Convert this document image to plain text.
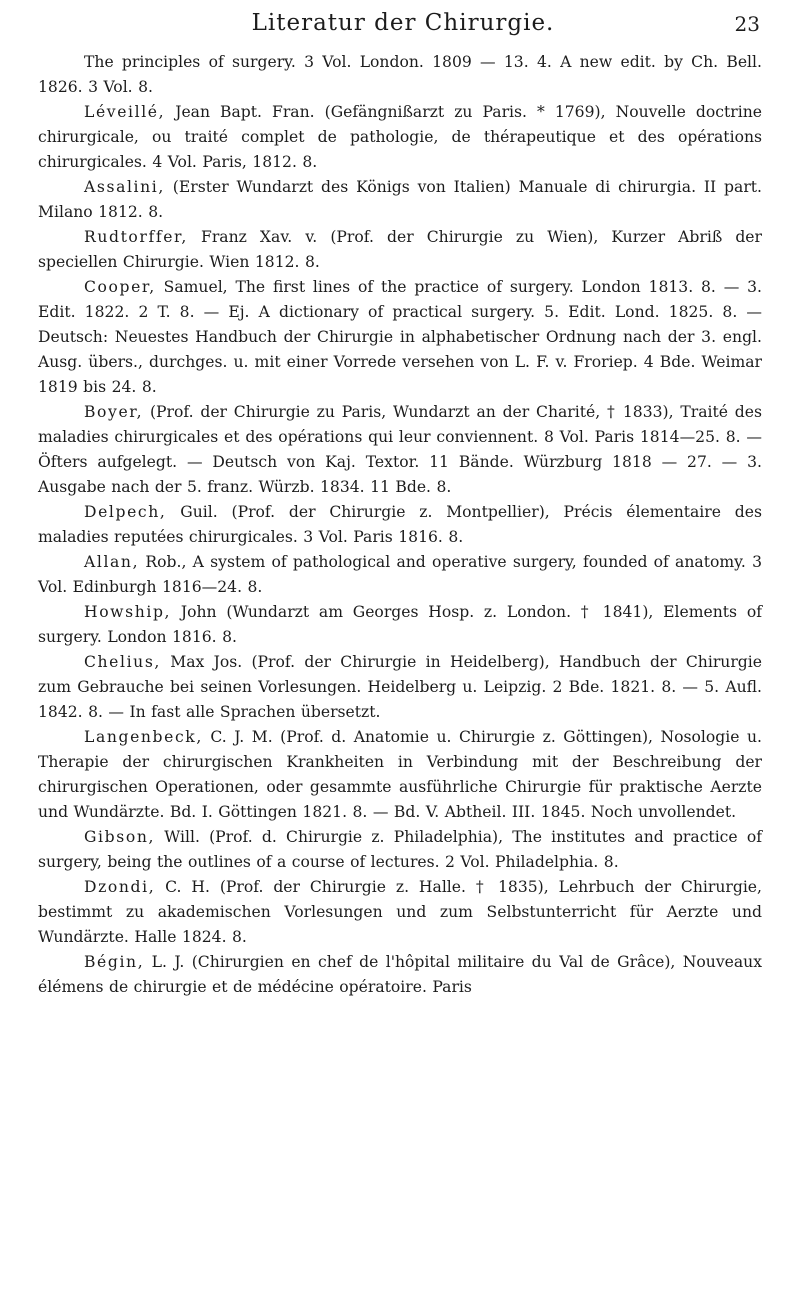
Literatur der Chirurgie.	23

The principles of surgery. 3 Vol. London. 1809 — 13. 4. A new edit. by Ch. Bell. 1826. 3 Vol. 8.

Léveillé, Jean Bapt. Fran. (Gefängnißarzt zu Paris. * 1769), Nouvelle doctrine chirurgicale, ou traité complet de pathologie, de thérapeutique et des opérations chirurgicales. 4 Vol. Paris, 1812. 8.

Assalini, (Erster Wundarzt des Königs von Italien) Manuale di chirurgia. II part. Milano 1812. 8.

Rudtorffer, Franz Xav. v. (Prof. der Chirurgie zu Wien), Kurzer Abriß der speciellen Chirurgie. Wien 1812. 8.

Cooper, Samuel, The first lines of the practice of surgery. London 1813. 8. — 3. Edit. 1822. 2 T. 8. — Ej. A dictionary of practical surgery. 5. Edit. Lond. 1825. 8. — Deutsch: Neuestes Handbuch der Chirurgie in alphabetischer Ordnung nach der 3. engl. Ausg. übers., durchges. u. mit einer Vorrede versehen von L. F. v. Froriep. 4 Bde. Weimar 1819 bis 24. 8.

Boyer, (Prof. der Chirurgie zu Paris, Wundarzt an der Charité, † 1833), Traité des maladies chirurgicales et des opérations qui leur conviennent. 8 Vol. Paris 1814—25. 8. — Öfters aufgelegt. — Deutsch von Kaj. Textor. 11 Bände. Würzburg 1818 — 27. — 3. Ausgabe nach der 5. franz. Würzb. 1834. 11 Bde. 8.

Delpech, Guil. (Prof. der Chirurgie z. Montpellier), Précis élementaire des maladies reputées chirurgicales. 3 Vol. Paris 1816. 8.

Allan, Rob., A system of pathological and operative surgery, founded of anatomy. 3 Vol. Edinburgh 1816—24. 8.

Howship, John (Wundarzt am Georges Hosp. z. London. † 1841), Elements of surgery. London 1816. 8.

Chelius, Max Jos. (Prof. der Chirurgie in Heidelberg), Handbuch der Chirurgie zum Gebrauche bei seinen Vorlesungen. Heidelberg u. Leipzig. 2 Bde. 1821. 8. — 5. Aufl. 1842. 8. — In fast alle Sprachen übersetzt.

Langenbeck, C. J. M. (Prof. d. Anatomie u. Chirurgie z. Göttingen), Nosologie u. Therapie der chirurgischen Krankheiten in Verbindung mit der Beschreibung der chirurgischen Operationen, oder gesammte ausführliche Chirurgie für praktische Aerzte und Wundärzte. Bd. I. Göttingen 1821. 8. — Bd. V. Abtheil. III. 1845. Noch unvollendet.

Gibson, Will. (Prof. d. Chirurgie z. Philadelphia), The institutes and practice of surgery, being the outlines of a course of lectures. 2 Vol. Philadelphia. 8.

Dzondi, C. H. (Prof. der Chirurgie z. Halle. † 1835), Lehrbuch der Chirurgie, bestimmt zu akademischen Vorlesungen und zum Selbstunterricht für Aerzte und Wundärzte. Halle 1824. 8.

Bégin, L. J. (Chirurgien en chef de l'hôpital militaire du Val de Grâce), Nouveaux élémens de chirurgie et de médécine opératoire. Paris
